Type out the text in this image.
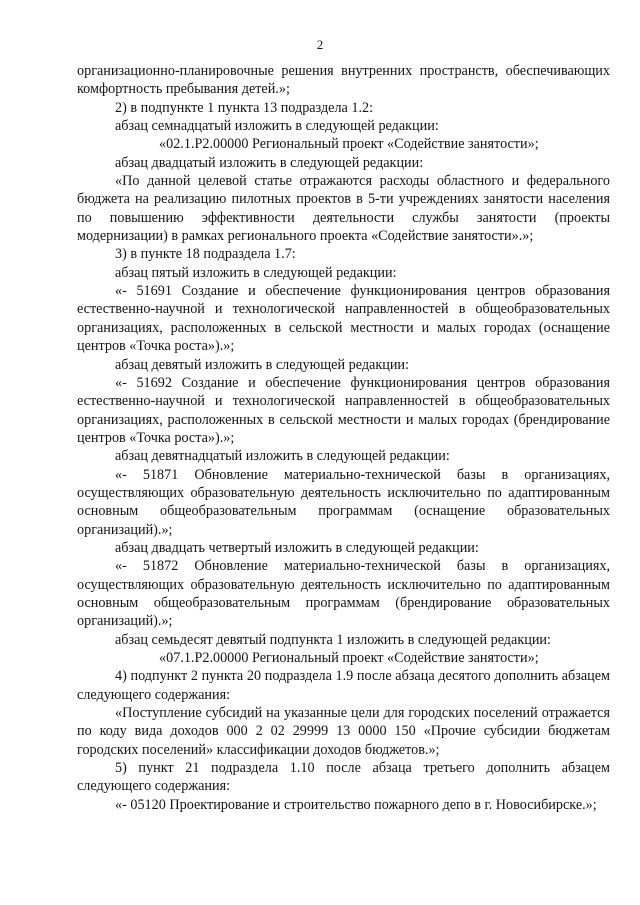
2

организационно-планировочные решения внутренних пространств, обеспечивающих комфортность пребывания детей.»;

2) в подпункте 1 пункта 13 подраздела 1.2:

абзац семнадцатый изложить в следующей редакции:

«02.1.Р2.00000 Региональный проект «Содействие занятости»;

абзац двадцатый изложить в следующей редакции:

«По данной целевой статье отражаются расходы областного и федерального бюджета на реализацию пилотных проектов в 5-ти учреждениях занятости населения по повышению эффективности деятельности службы занятости (проекты модернизации) в рамках регионального проекта «Содействие занятости».»;

3) в пункте 18 подраздела 1.7:

абзац пятый изложить в следующей редакции:

«- 51691 Создание и обеспечение функционирования центров образования естественно-научной и технологической направленностей в общеобразовательных организациях, расположенных в сельской местности и малых городах (оснащение центров «Точка роста»).»;

абзац девятый изложить в следующей редакции:

«- 51692 Создание и обеспечение функционирования центров образования естественно-научной и технологической направленностей в общеобразовательных организациях, расположенных в сельской местности и малых городах (брендирование центров «Точка роста»).»;

абзац девятнадцатый изложить в следующей редакции:

«- 51871 Обновление материально-технической базы в организациях, осуществляющих образовательную деятельность исключительно по адаптированным основным общеобразовательным программам (оснащение образовательных организаций).»;

абзац двадцать четвертый изложить в следующей редакции:

«- 51872 Обновление материально-технической базы в организациях, осуществляющих образовательную деятельность исключительно по адаптированным основным общеобразовательным программам (брендирование образовательных организаций).»;

абзац семьдесят девятый подпункта 1 изложить в следующей редакции:

«07.1.Р2.00000 Региональный проект «Содействие занятости»;

4) подпункт 2 пункта 20 подраздела 1.9 после абзаца десятого дополнить абзацем следующего содержания:

«Поступление субсидий на указанные цели для городских поселений отражается по коду вида доходов 000 2 02 29999 13 0000 150 «Прочие субсидии бюджетам городских поселений» классификации доходов бюджетов.»;

5) пункт 21 подраздела 1.10 после абзаца третьего дополнить абзацем следующего содержания:

«- 05120 Проектирование и строительство пожарного депо в г. Новосибирске.»;
